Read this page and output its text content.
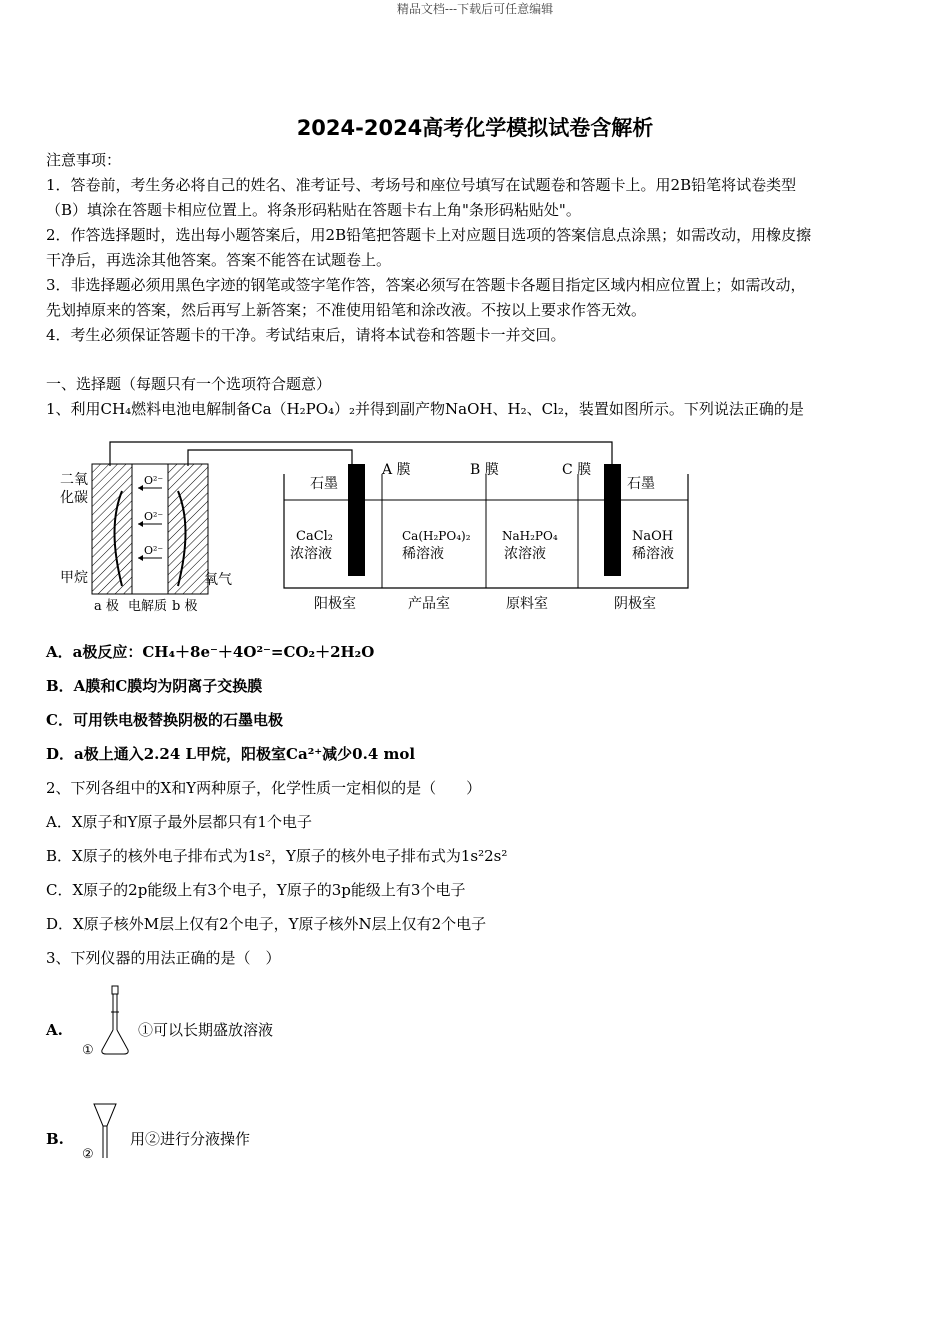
精品文档---下载后可任意编辑
2024-2024高考化学模拟试卷含解析
注意事项：
1．答卷前，考生务必将自己的姓名、准考证号、考场号和座位号填写在试题卷和答题卡上。用2B铅笔将试卷类型
（B）填涂在答题卡相应位置上。将条形码粘贴在答题卡右上角"条形码粘贴处"。
2．作答选择题时，选出每小题答案后，用2B铅笔把答题卡上对应题目选项的答案信息点涂黑；如需改动，用橡皮擦
干净后，再选涂其他答案。答案不能答在试题卷上。
3．非选择题必须用黑色字迹的钢笔或签字笔作答，答案必须写在答题卡各题目指定区域内相应位置上；如需改动，
先划掉原来的答案，然后再写上新答案；不准使用铅笔和涂改液。不按以上要求作答无效。
4．考生必须保证答题卡的干净。考试结束后，请将本试卷和答题卡一并交回。
一、选择题（每题只有一个选项符合题意）
1、利用CH₄燃料电池电解制备Ca（H₂PO₄）₂并得到副产物NaOH、H₂、Cl₂，装置如图所示。下列说法正确的是
O²⁻
O²⁻
O²⁻
二氧
化碳
甲烷	氧气
a 极 电解质 b 极
石墨	石墨
A 膜	B 膜	C 膜
CaCl₂
浓溶液
Ca(H₂PO₄)₂
稀溶液
NaH₂PO₄
浓溶液
NaOH
稀溶液
阳极室	产品室	原料室	阴极室
A．a极反应：CH₄＋8e⁻＋4O²⁻=CO₂＋2H₂O
B．A膜和C膜均为阴离子交换膜
C．可用铁电极替换阴极的石墨电极
D．a极上通入2.24 L甲烷，阳极室Ca²⁺减少0.4 mol
2、下列各组中的X和Y两种原子，化学性质一定相似的是（　　）
A．X原子和Y原子最外层都只有1个电子
B．X原子的核外电子排布式为1s²，Y原子的核外电子排布式为1s²2s²
C．X原子的2p能级上有3个电子，Y原子的3p能级上有3个电子
D．X原子核外M层上仅有2个电子，Y原子核外N层上仅有2个电子
3、下列仪器的用法正确的是（　）
A.
①
①可以长期盛放溶液
B.
②
用②进行分液操作
